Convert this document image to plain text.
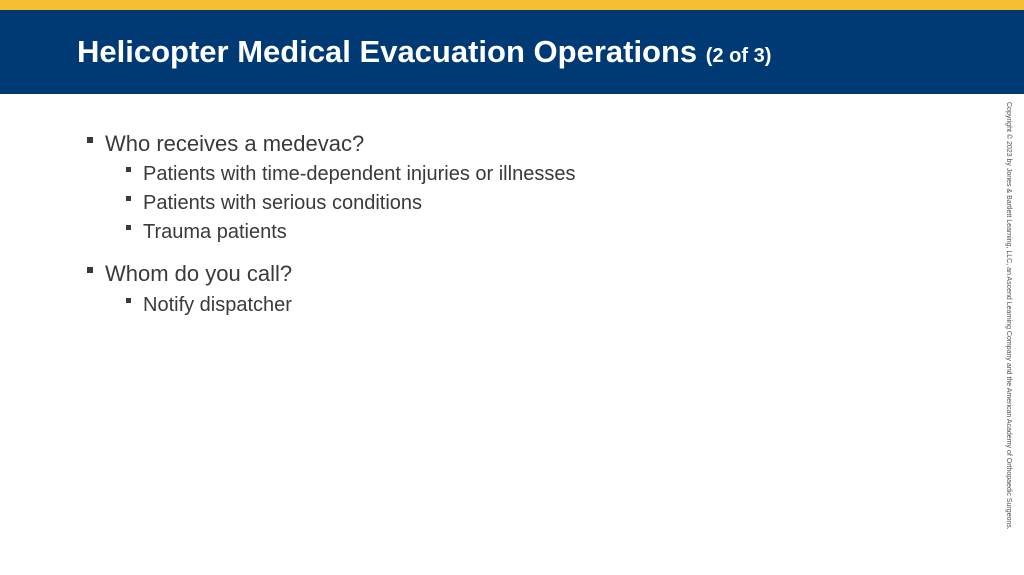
Helicopter Medical Evacuation Operations (2 of 3)
Who receives a medevac?
Patients with time-dependent injuries or illnesses
Patients with serious conditions
Trauma patients
Whom do you call?
Notify dispatcher	Copyright © 2023 by Jones & Bartlett Learning, LLC, an Ascend Learning Company and the American Academy of Orthopaedic Surgeons.
